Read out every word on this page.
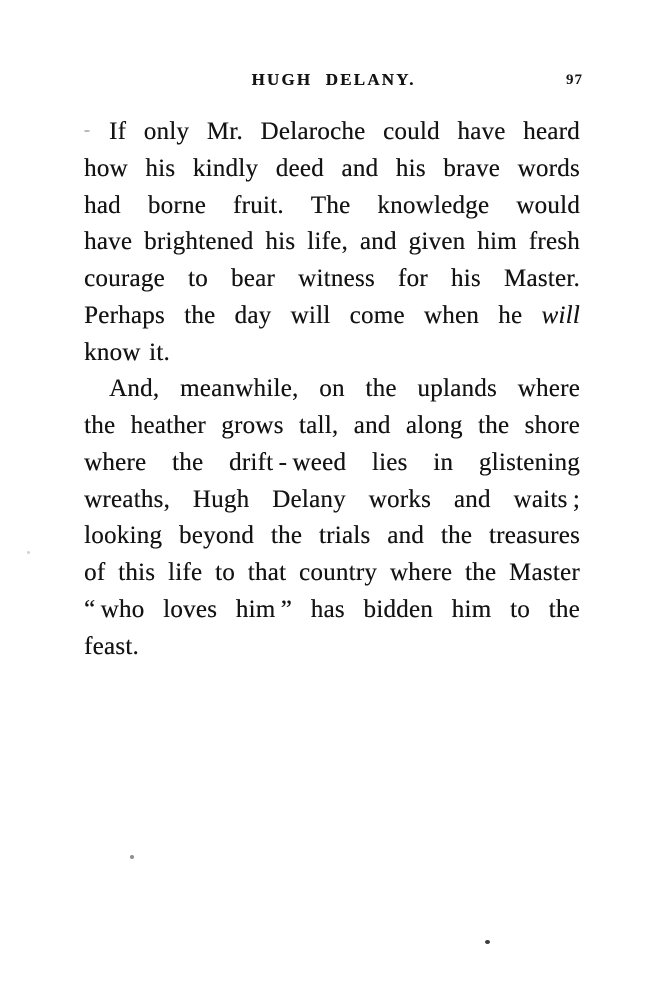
HUGH DELANY.	97
If only Mr. Delaroche could have heard
how his kindly deed and his brave words
had borne fruit. The knowledge would
have brightened his life, and given him fresh
courage to bear witness for his Master.
Perhaps the day will come when he will
know it.
And, meanwhile, on the uplands where
the heather grows tall, and along the shore
where the drift - weed lies in glistening
wreaths, Hugh Delany works and waits ;
looking beyond the trials and the treasures
of this life to that country where the Master
“ who loves him ” has bidden him to the
feast.
